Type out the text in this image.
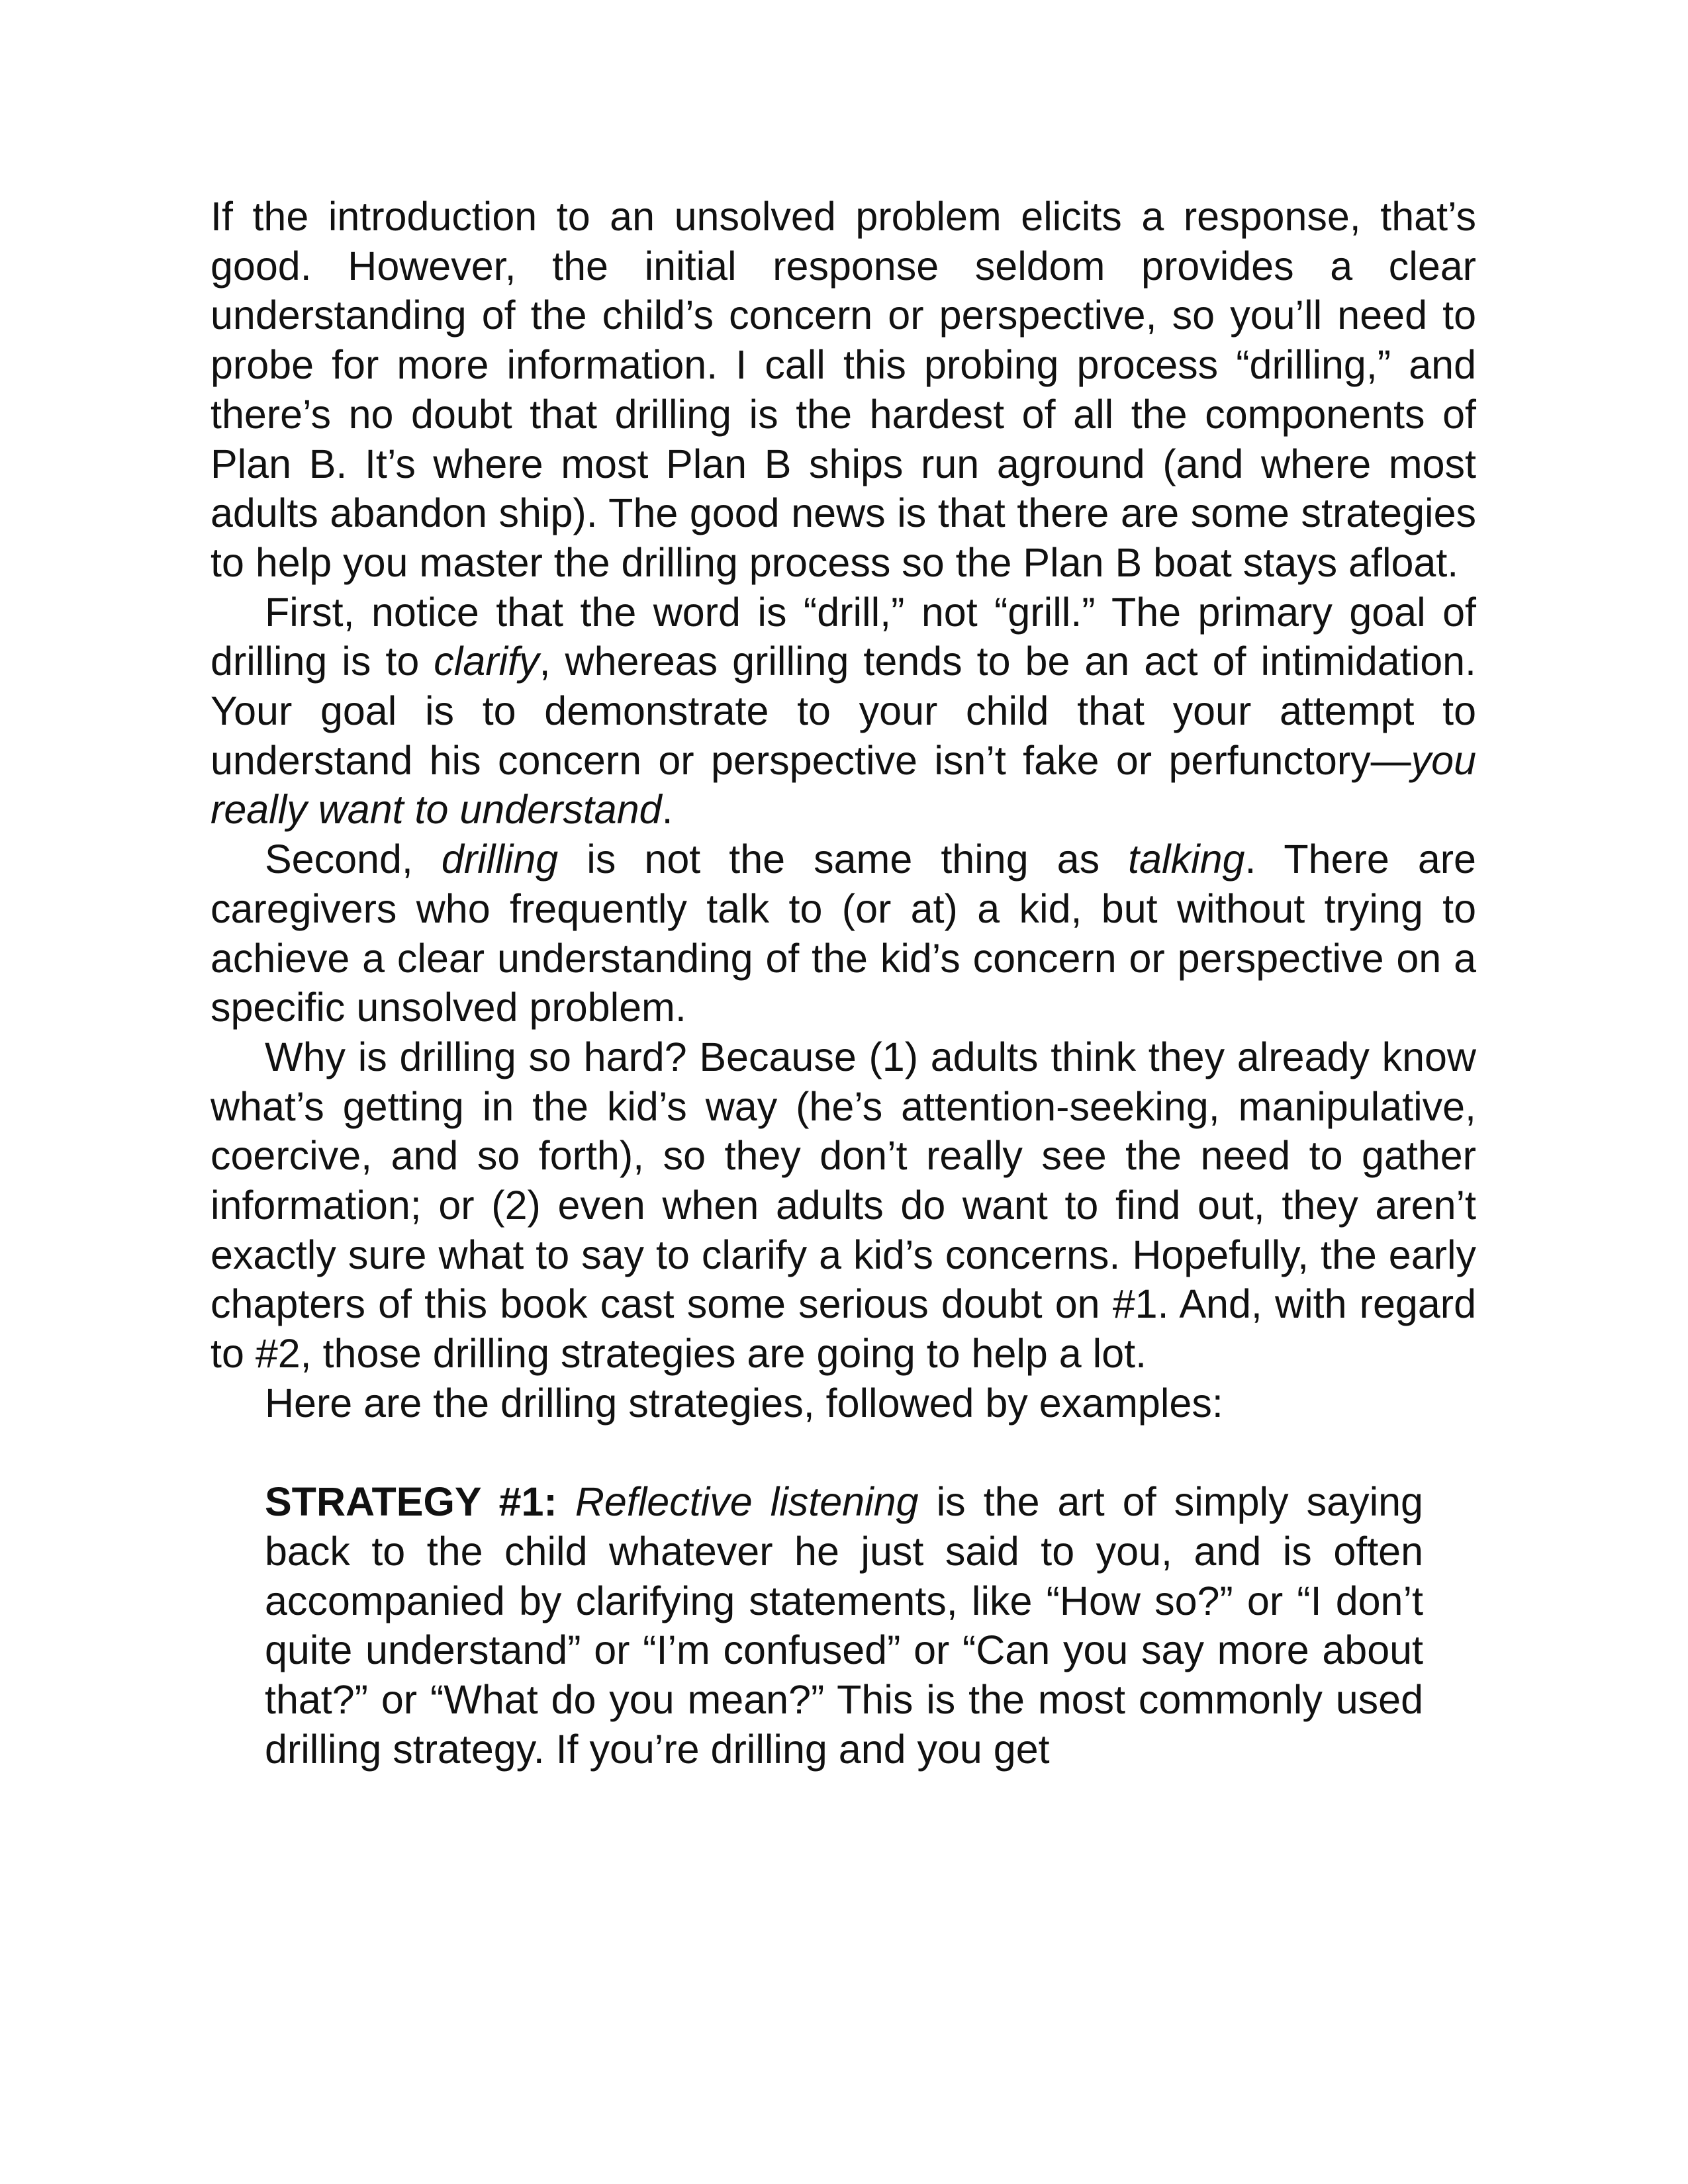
If the introduction to an unsolved problem elicits a response, that’s good. However, the initial response seldom provides a clear understanding of the child’s concern or perspective, so you’ll need to probe for more information. I call this probing process “drilling,” and there’s no doubt that drilling is the hardest of all the components of Plan B. It’s where most Plan B ships run aground (and where most adults abandon ship). The good news is that there are some strategies to help you master the drilling process so the Plan B boat stays afloat.

First, notice that the word is “drill,” not “grill.” The primary goal of drilling is to clarify, whereas grilling tends to be an act of intimidation. Your goal is to demonstrate to your child that your attempt to understand his concern or perspective isn’t fake or perfunctory—you really want to understand.

Second, drilling is not the same thing as talking. There are caregivers who frequently talk to (or at) a kid, but without trying to achieve a clear understanding of the kid’s concern or perspective on a specific unsolved problem.

Why is drilling so hard? Because (1) adults think they already know what’s getting in the kid’s way (he’s attention-seeking, manipulative, coercive, and so forth), so they don’t really see the need to gather information; or (2) even when adults do want to find out, they aren’t exactly sure what to say to clarify a kid’s concerns. Hopefully, the early chapters of this book cast some serious doubt on #1. And, with regard to #2, those drilling strategies are going to help a lot.

Here are the drilling strategies, followed by examples:

STRATEGY #1: Reflective listening is the art of simply saying back to the child whatever he just said to you, and is often accompanied by clarifying statements, like “How so?” or “I don’t quite understand” or “I’m confused” or “Can you say more about that?” or “What do you mean?” This is the most commonly used drilling strategy. If you’re drilling and you get
